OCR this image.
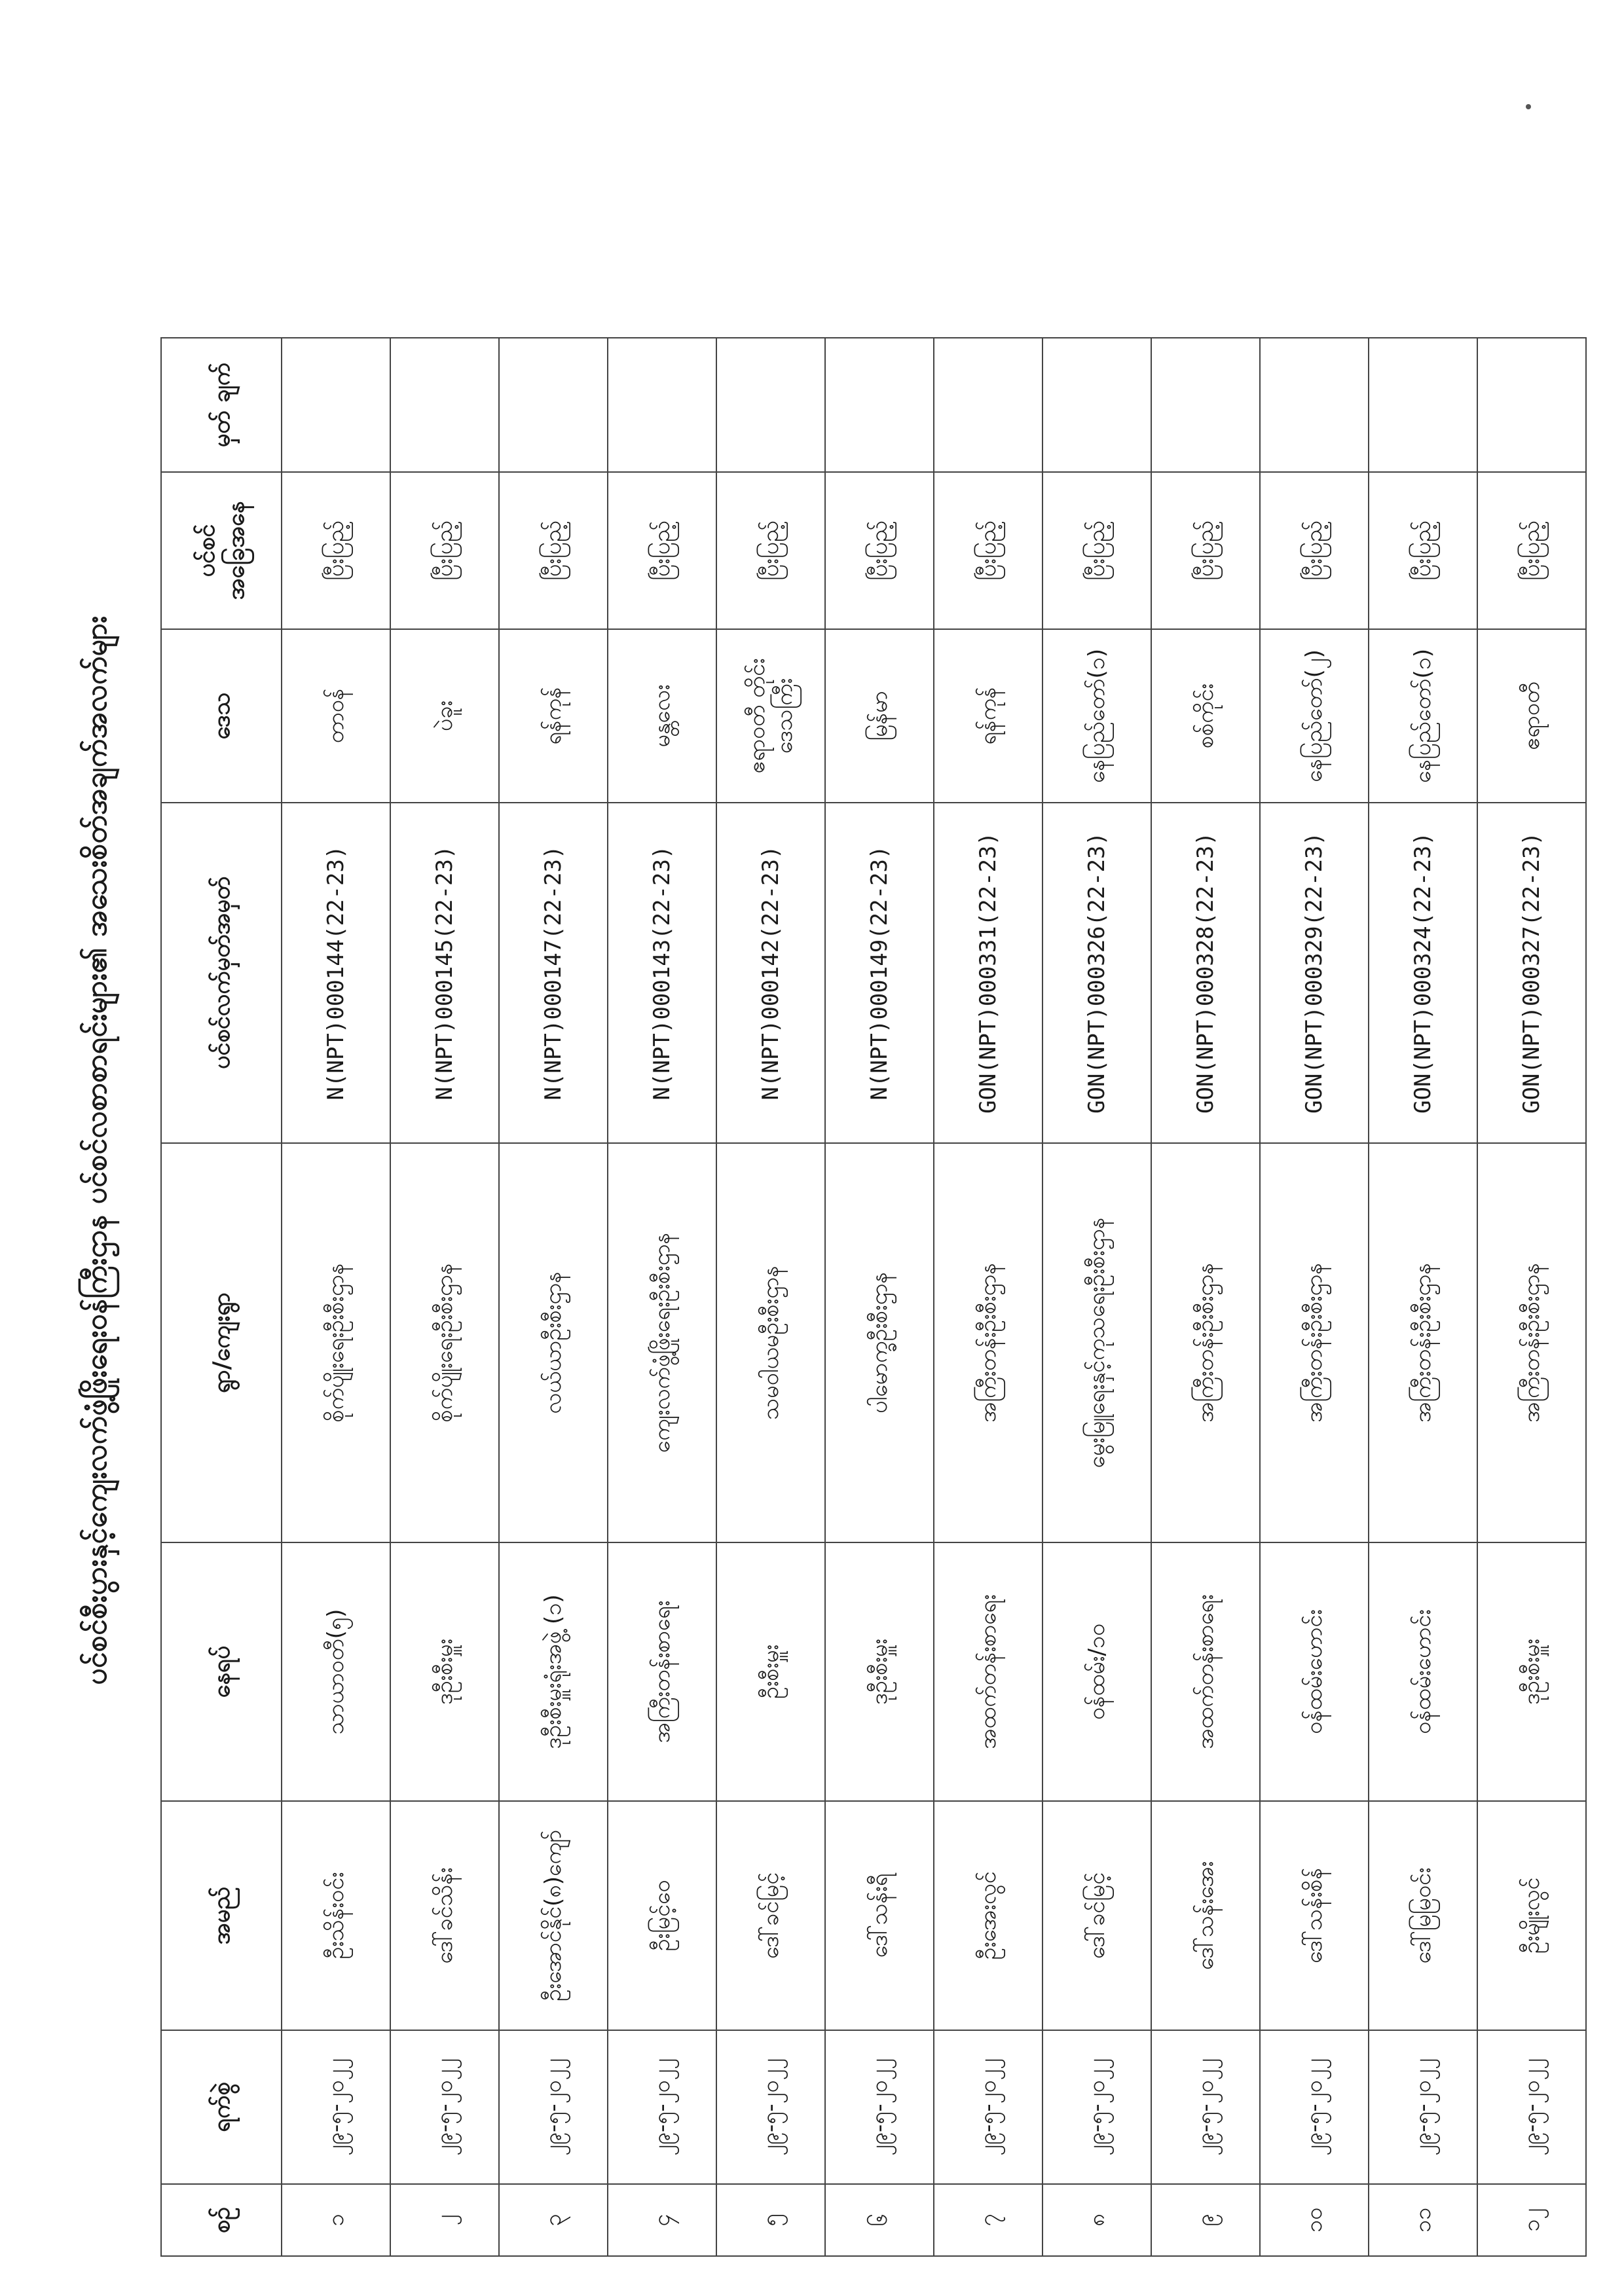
ပင်စင်စီးပွားနှင့်ကျေးလက်ဖွံ့ဖြိုးရေးဝန်ကြီးဌာန ပင်စင်လစာစာရင်းများ၏ အသေးစိတ်အချက်အလက်များ
စဉ်	ရက်စွဲ	အမည်	နေရပ်	ရွာ/ကျေးရွာ	ပင်စင်လက်မှတ်အမှတ်	ဒေသ	ပင်စင် အခြေအနေ	မှတ် ချက်
၁	၂၉-၅-၂၀၂၂	ဦးသိန်းဝင်း	သာယာဝတီ(၅)	စိုက်ပျိုးရေးဦးစီးဌာန	N(NPT)000144(22-23)	တာဝန်	ပြီးပြည့်	
၂	၂၉-၅-၂၀၂၂	ဒေါ်ခင်သိန်း	ဒုဦးစီးမှူး	စိုက်ပျိုးရေးဦးစီးဌာန	N(NPT)000145(22-23)	ပဲခူး	ပြီးပြည့်	
၃	၂၉-၅-၂၀၂၂	ဦးအောင်နိုင်(၈)ကျော်	ဒုဦးစီးမှူးရုံးအဖွဲ့ (၁)	လယ်ယာဦးစီးဌာန	N(NPT)000147(22-23)	ရန်ကုန်	ပြီးပြည့်	
၄	၂၉-၅-၂၀၂၂	ဦးမြင့်ဝေ	အကြီးတန်းစာရေး	ကျေးလက်ဖွံ့ဖြိုးရေးဦးစီးဌာန	N(NPT)000143(22-23)	မန္တလေး	ပြီးပြည့်	
၅	၂၉-၅-၂၀၂၂	ဒေါ်ခင်မြင့်	ဦးစီးမှူး	သမဝါယမဦးစီးဌာန	N(NPT)000142(22-23)	ဧရာဝတီ တိုင်းဒေသကြီး	ပြီးပြည့်	
၆	၂၉-၅-၂၀၂၂	ဒေါ်သန်းရီ	ဒုဦးစီးမှူး	ပါမောက္ခဦးစီးဌာန	N(NPT)000149(22-23)	မြန်မာ	ပြီးပြည့်	
၇	၂၉-၅-၂၀၂၂	ဦးအေးလွင်	အထက်တန်းစာရေး	အကြီးတန်းဦးစီးဌာန	GON(NPT)000331(22-23)	ရန်ကုန်	ပြီးပြည့်	
၈	၂၉-၅-၂၀၂၂	ဒေါ်ခင်မြင့်	ဝန်ထမ်း/၁၀	မွေးမြူရေးနှင့်ကုသရေးဦးစီးဌာန	GON(NPT)000326(22-23)	နေပြည်တော်(၁)	ပြီးပြည့်	
၉	၂၉-၅-၂၀၂၂	ဒေါ်သန်းအေး	အထက်တန်းစာရေး	အကြီးတန်းဦးစီးဌာန	GON(NPT)000328(22-23)	စစ်ကိုင်း	ပြီးပြည့်	
၁၀	၂၉-၅-၂၀၂၂	ဒေါ်သန်းစိန်	ဝန်ထမ်းဟောင်း	အကြီးတန်းဦးစီးဌာန	GON(NPT)000329(22-23)	နေပြည်တော်(၂)	ပြီးပြည့်	
၁၁	၂၉-၅-၂၀၂၂	ဒေါ်မြမြဝင်း	ဝန်ထမ်းဟောင်း	အကြီးတန်းဦးစီးဌာန	GON(NPT)000324(22-23)	နေပြည်တော်(၁)	ပြီးပြည့်	
၁၂	၂၉-၅-၂၀၂၂	ဦးမျိုးလွင်	ဒုဦးစီးမှူး	အကြီးတန်းဦးစီးဌာန	GON(NPT)000327(22-23)	ဧရာဝတီ	ပြီးပြည့်	
